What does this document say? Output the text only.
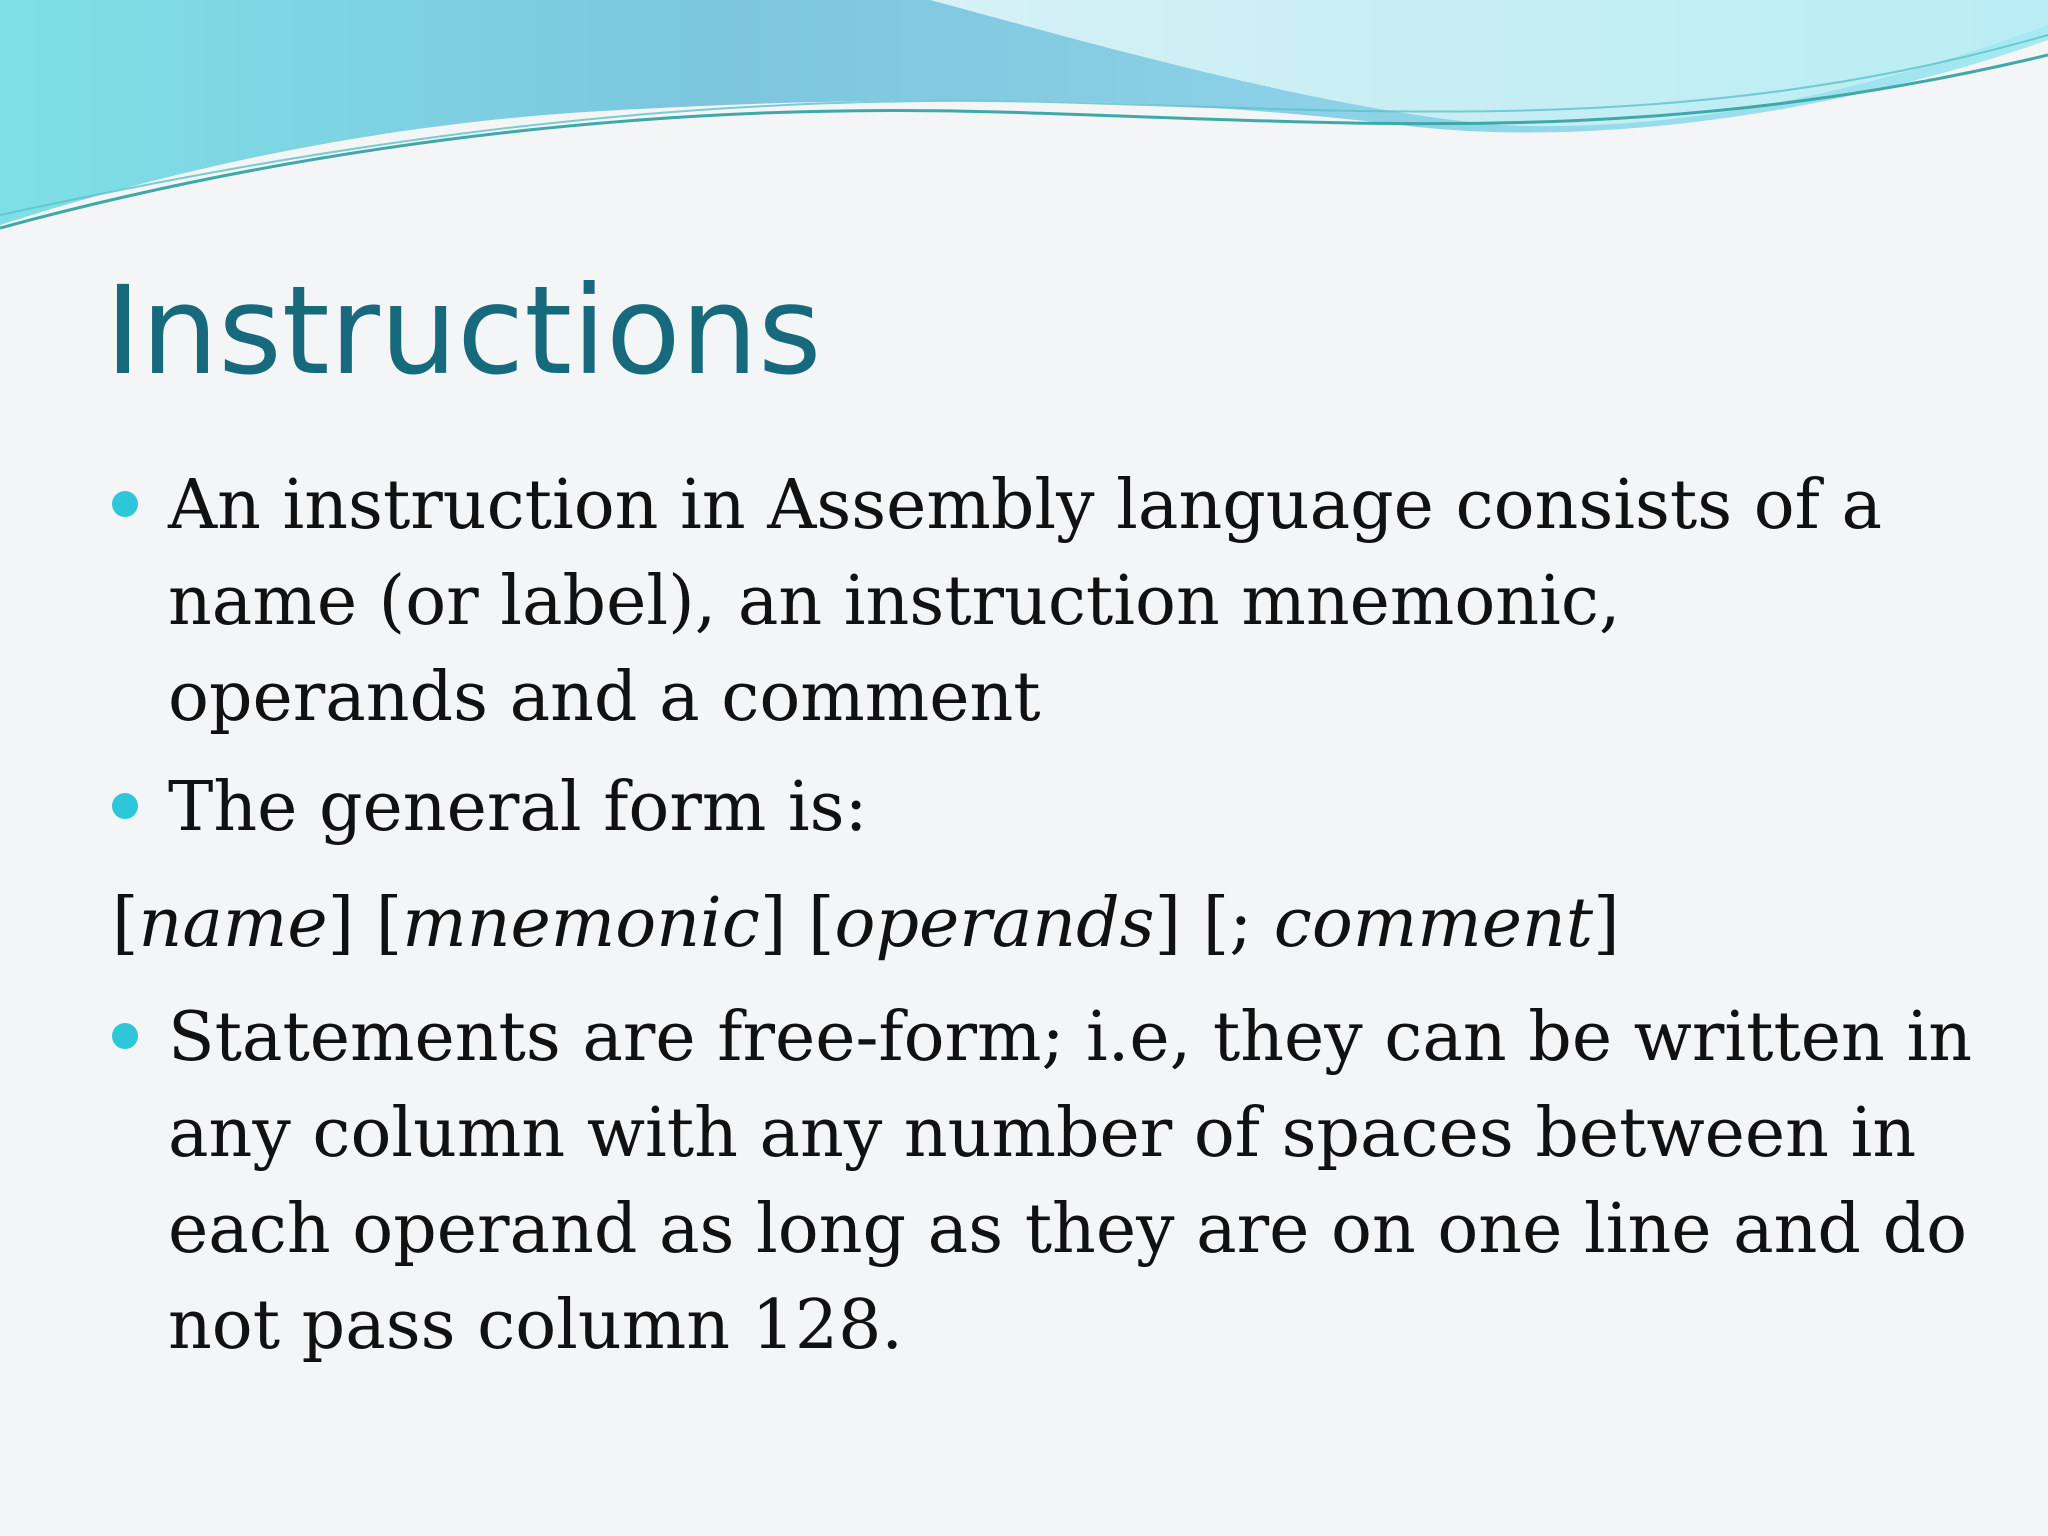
Instructions
An instruction in Assembly language consists of a
name (or label), an instruction mnemonic,
operands and a comment
The general form is:
[name] [mnemonic] [operands] [; comment]
Statements are free-form; i.e, they can be written in
any column with any number of spaces between in
each operand as long as they are on one line and do
not pass column 128.
